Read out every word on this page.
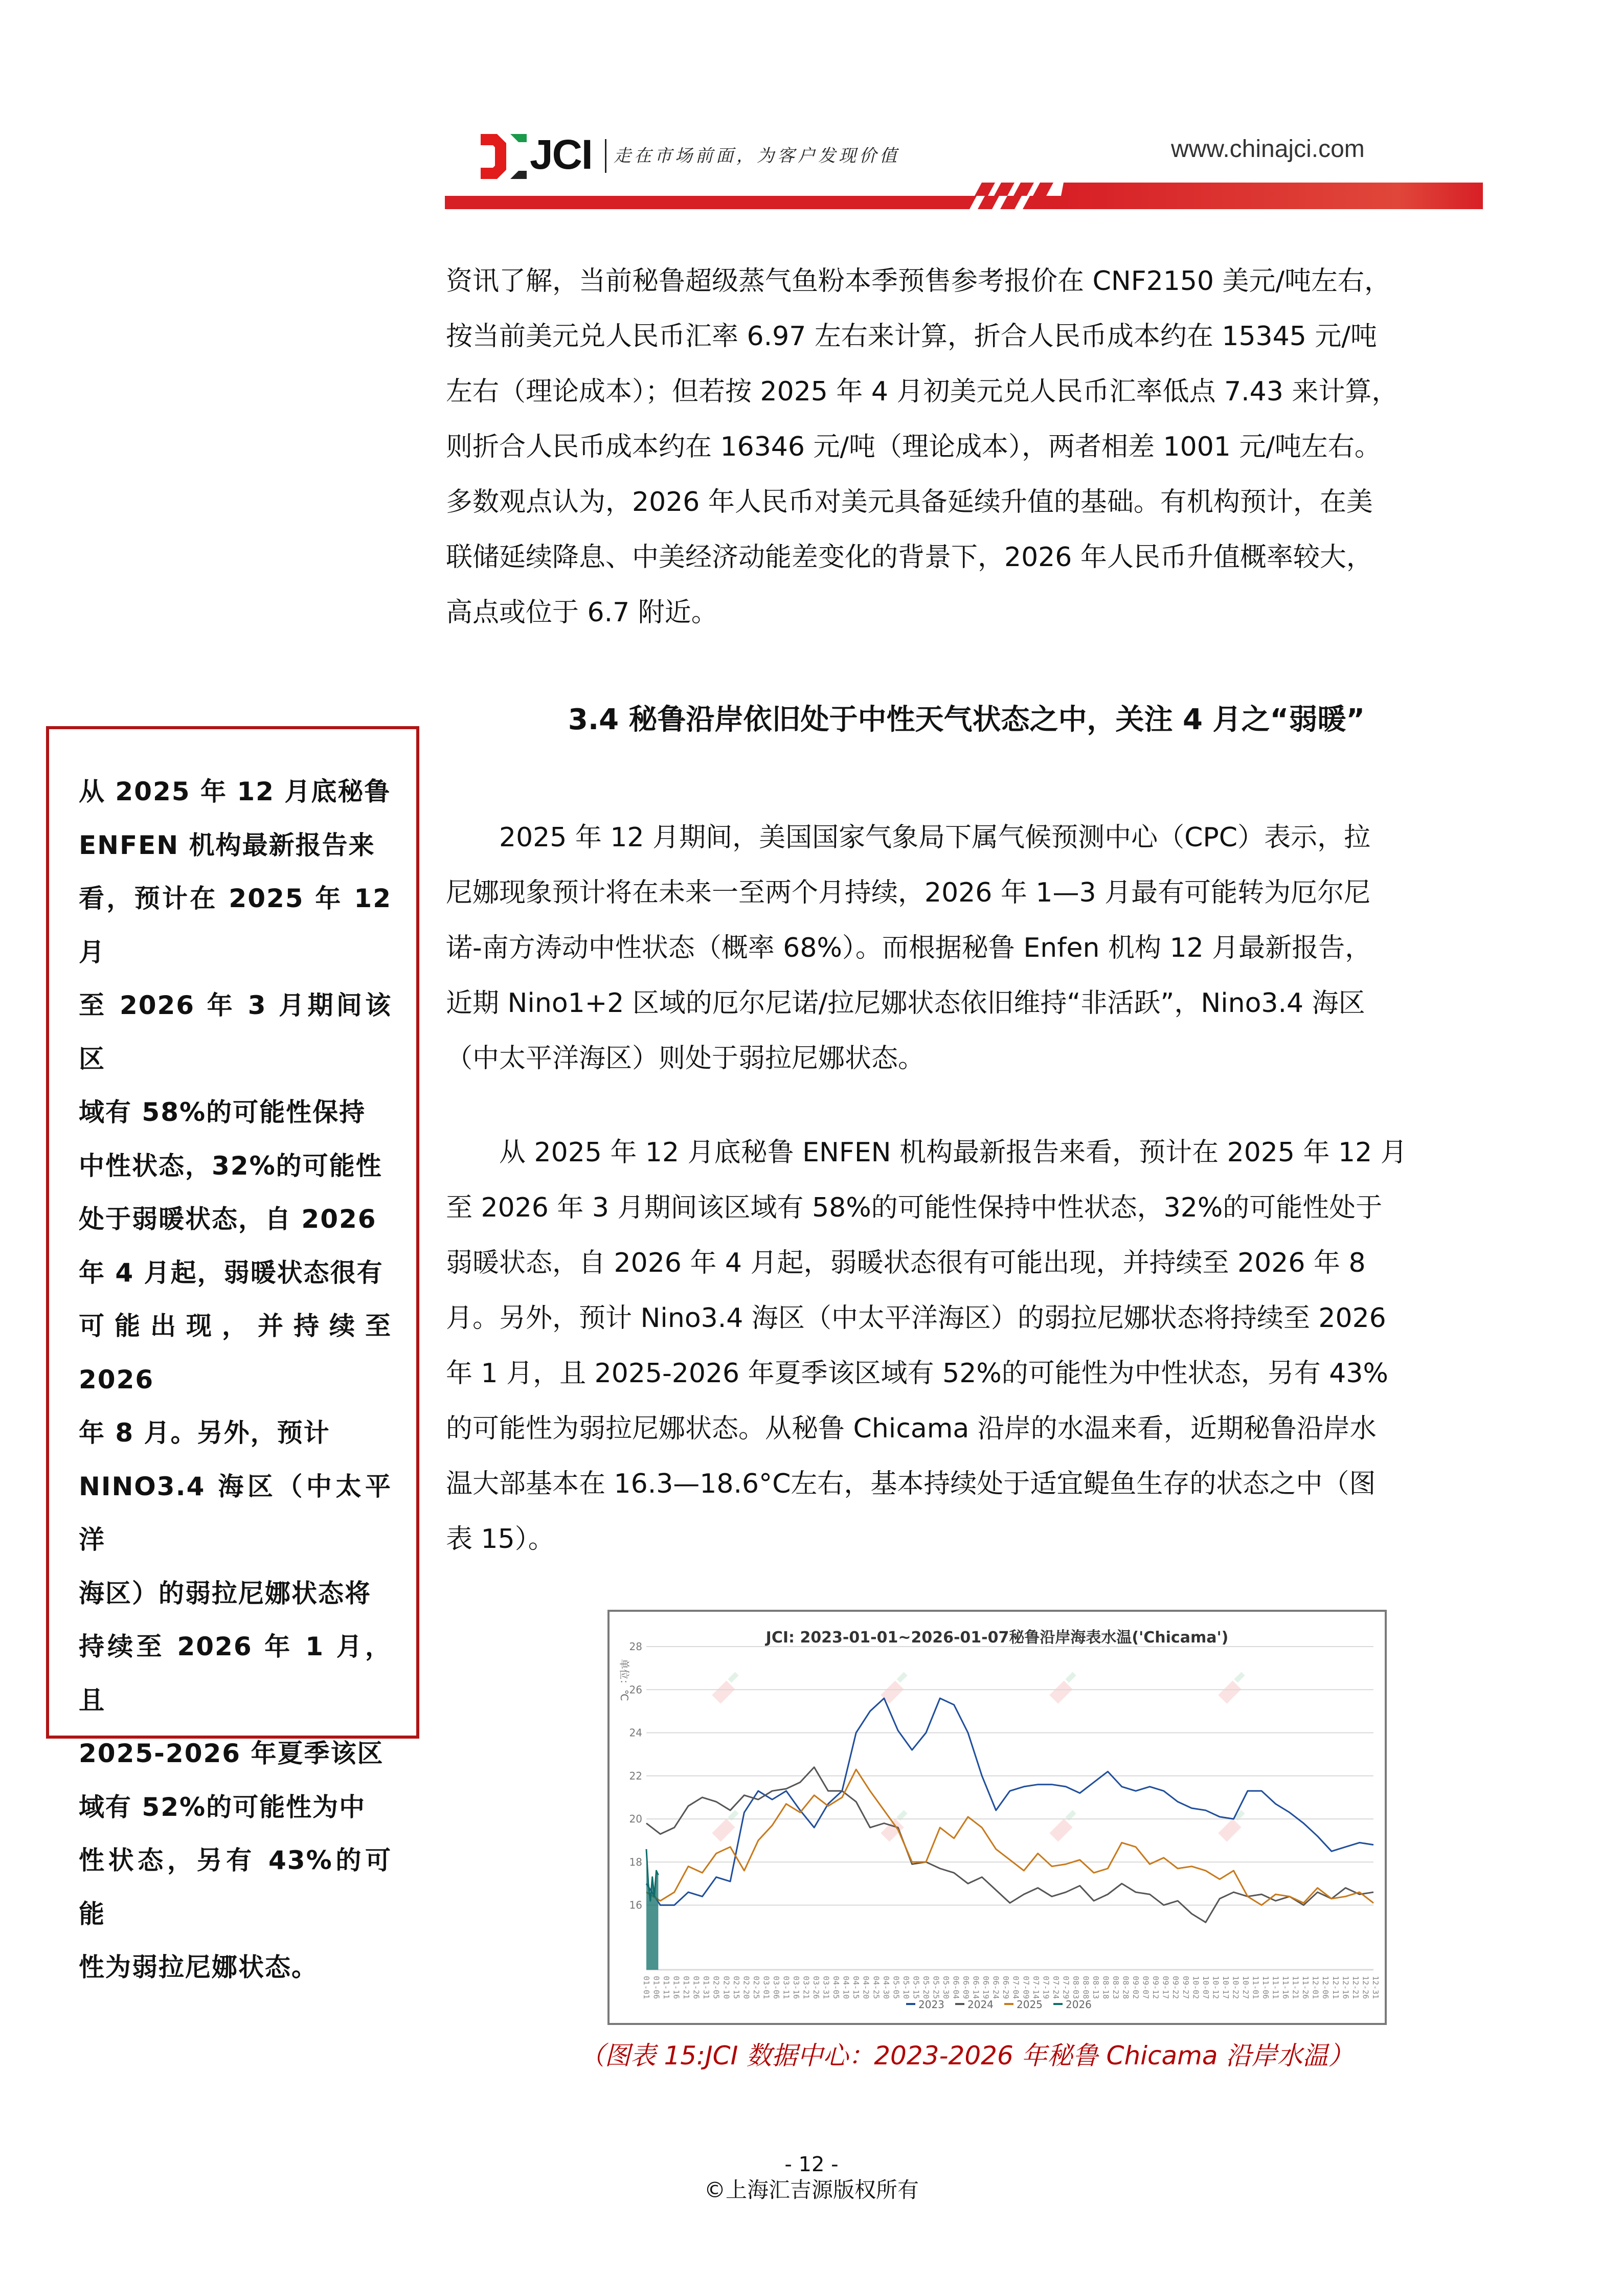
JCI 走在市场前面，为客户发现价值	www.chinajci.com

资讯了解，当前秘鲁超级蒸气鱼粉本季预售参考报价在 CNF2150 美元/吨左右，

按当前美元兑人民币汇率 6.97 左右来计算，折合人民币成本约在 15345 元/吨

左右（理论成本）；但若按 2025 年 4 月初美元兑人民币汇率低点 7.43 来计算，

则折合人民币成本约在 16346 元/吨（理论成本），两者相差 1001 元/吨左右。

多数观点认为，2026 年人民币对美元具备延续升值的基础。有机构预计，在美

联储延续降息、中美经济动能差变化的背景下，2026 年人民币升值概率较大，

高点或位于 6.7 附近。

3.4 秘鲁沿岸依旧处于中性天气状态之中，关注 4 月之“弱暖”

2025 年 12 月期间，美国国家气象局下属气候预测中心（CPC）表示，拉

尼娜现象预计将在未来一至两个月持续，2026 年 1—3 月最有可能转为厄尔尼

诺-南方涛动中性状态（概率 68%）。而根据秘鲁 Enfen 机构 12 月最新报告，

近期 Nino1+2 区域的厄尔尼诺/拉尼娜状态依旧维持“非活跃”，Nino3.4 海区

（中太平洋海区）则处于弱拉尼娜状态。

从 2025 年 12 月底秘鲁 ENFEN 机构最新报告来看，预计在 2025 年 12 月

至 2026 年 3 月期间该区域有 58%的可能性保持中性状态，32%的可能性处于

弱暖状态，自 2026 年 4 月起，弱暖状态很有可能出现，并持续至 2026 年 8

月。另外，预计 Nino3.4 海区（中太平洋海区）的弱拉尼娜状态将持续至 2026

年 1 月，且 2025-2026 年夏季该区域有 52%的可能性为中性状态，另有 43%

的可能性为弱拉尼娜状态。从秘鲁 Chicama 沿岸的水温来看，近期秘鲁沿岸水

温大部基本在 16.3—18.6°C左右，基本持续处于适宜鳀鱼生存的状态之中（图

表 15）。

从 2025 年 12 月底秘鲁
ENFEN 机构最新报告来
看，预计在 2025 年 12 月
至 2026 年 3 月期间该区
域有 58%的可能性保持
中性状态，32%的可能性
处于弱暖状态，自 2026
年 4 月起，弱暖状态很有
可能出现，并持续至 2026
年 8 月。另外，预计
NINO3.4 海区（中太平洋
海区）的弱拉尼娜状态将
持续至 2026 年 1 月，且
2025-2026 年夏季该区
域有 52%的可能性为中
性状态，另有 43%的可能
性为弱拉尼娜状态。
JCI: 2023-01-01~2026-01-07秘鲁沿岸海表水温('Chicama')
单位：℃
16
18
20
22
24
26
28
01-01 01-06 01-11 01-16 01-21 01-26 01-31 02-05 02-10 02-15 02-20 02-25 03-01 03-06 03-11 03-16 03-21 03-26 03-31 04-05 04-10 04-15 04-20 04-25 04-30 05-05 05-10 05-15 05-20 05-25 05-30 06-04 06-09 06-14 06-19 06-24 06-29 07-04 07-09 07-14 07-19 07-24 07-29 08-03 08-08 08-13 08-18 08-23 08-28 09-02 09-07 09-12 09-17 09-22 09-27 10-02 10-07 10-12 10-17 10-22 10-27 11-01 11-06 11-11 11-16 11-21 11-26 12-01 12-06 12-11 12-16 12-21 12-26 12-31
2023 2024 2025 2026
（图表 15:JCI 数据中心：2023-2026 年秘鲁 Chicama 沿岸水温）
- 12 -
©上海汇吉源版权所有
